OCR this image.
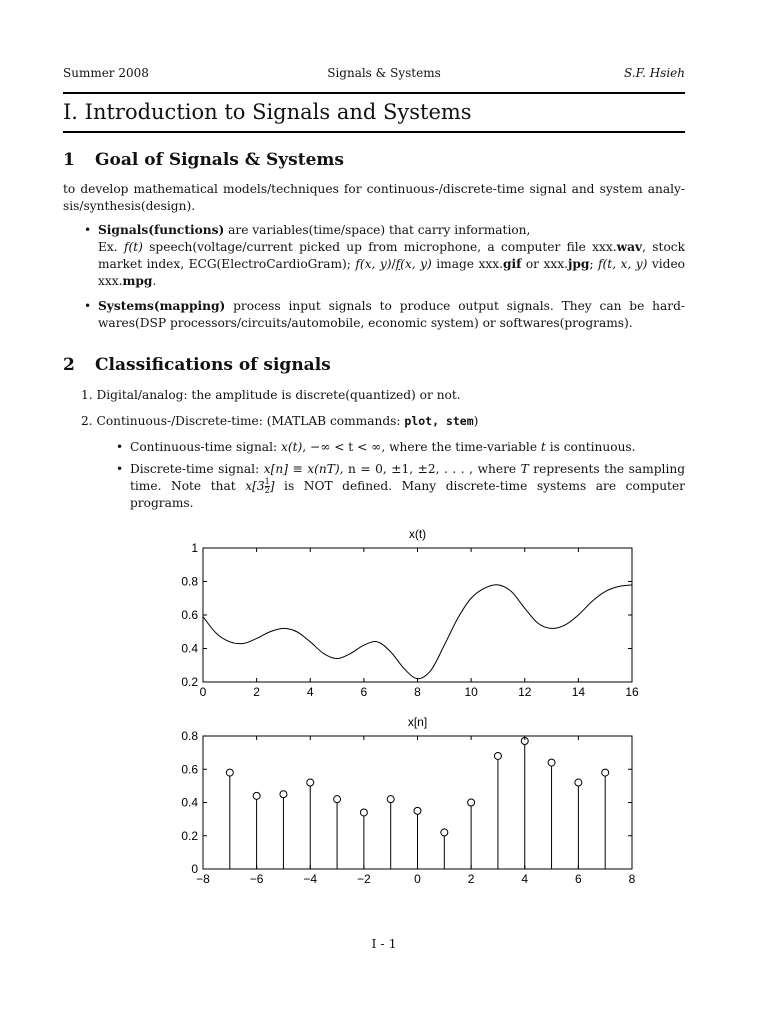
Summer 2008	Signals & Systems	S.F. Hsieh
I. Introduction to Signals and Systems
1 Goal of Signals & Systems
to develop mathematical models/techniques for continuous-/discrete-time signal and system analy-sis/synthesis(design).
• Signals(functions) are variables(time/space) that carry information,
Ex. f(t) speech(voltage/current picked up from microphone, a computer file xxx.wav, stock market index, ECG(ElectroCardioGram); f(x, y)/f(x, y) image xxx.gif or xxx.jpg; f(t, x, y) video xxx.mpg.
• Systems(mapping) process input signals to produce output signals. They can be hard-wares(DSP processors/circuits/automobile, economic system) or softwares(programs).
2 Classifications of signals
1. Digital/analog: the amplitude is discrete(quantized) or not.
2. Continuous-/Discrete-time: (MATLAB commands: plot, stem)
• Continuous-time signal: x(t), −∞ < t < ∞, where the time-variable t is continuous.
• Discrete-time signal: x[n] ≡ x(nT), n = 0, ±1, ±2, . . . , where T represents the sampling time. Note that $x[3 \frac{1}{2}$ ] is NOT defined. Many discrete-time systems are computer programs.
0	2	4	6	8	10	12	14	16
0.2
0.4
0.6
0.8
1
x(t)
−8	−6	−4	−2	0	2	4	6	8
0
0.2
0.4
0.6
0.8
x[n]
I - 1
